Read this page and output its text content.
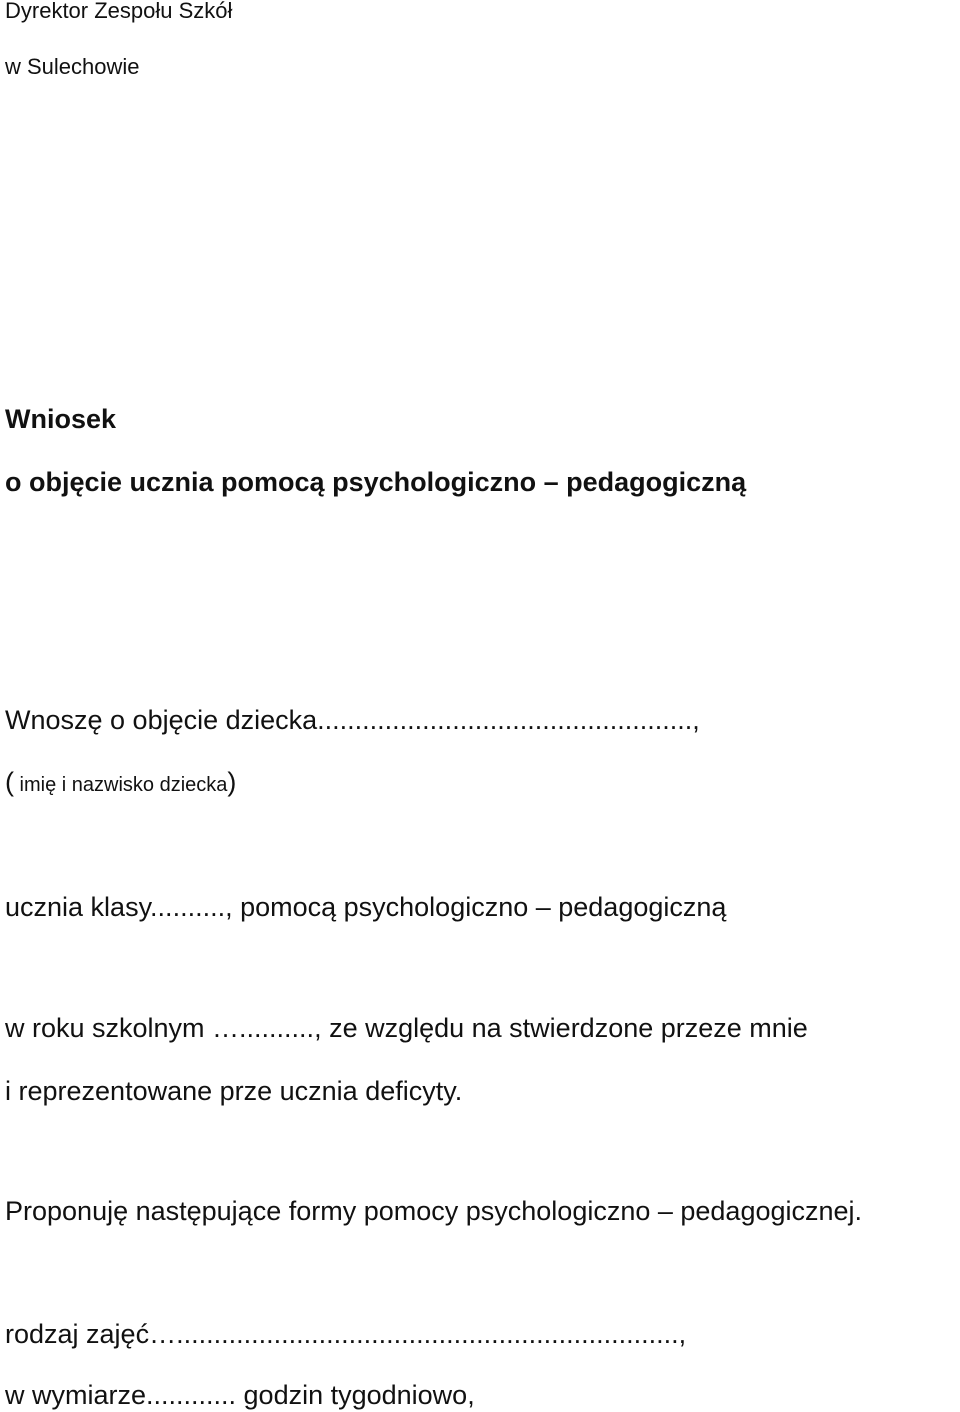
Dyrektor Zespołu Szkół
w Sulechowie
Wniosek
o objęcie ucznia pomocą psychologiczno – pedagogiczną
Wnoszę o objęcie dziecka..................................................,
( imię i nazwisko dziecka)
ucznia klasy.........., pomocą psychologiczno – pedagogiczną
w roku szkolnym ….........., ze względu na stwierdzone przeze mnie
i reprezentowane prze ucznia deficyty.
Proponuję następujące formy pomocy psychologiczno – pedagogicznej.
rodzaj zajęć…...................................................................,
w wymiarze............ godzin tygodniowo,
